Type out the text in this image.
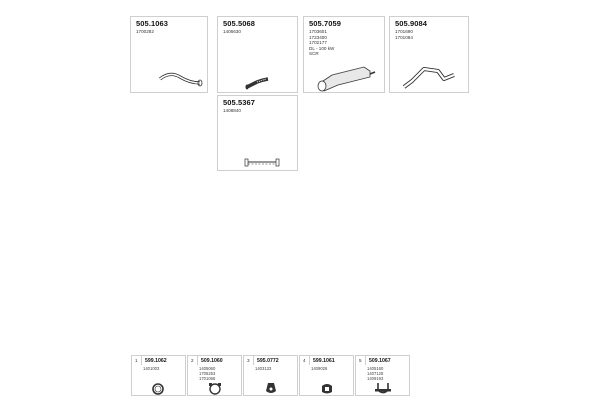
505.1063
1700282
505.5068
1406630
505.7059
1703601
1723400
1702177
DL - 100 kW
SCR
505.9084
1701690
1701084
505.5367
1408840
1 599.1062
1401003
2 509.1060
1405060
1706253
1701066
3 595.0772
1403133
4 599.1061
1409026
5 509.1067
1405160
1407128
1409193
